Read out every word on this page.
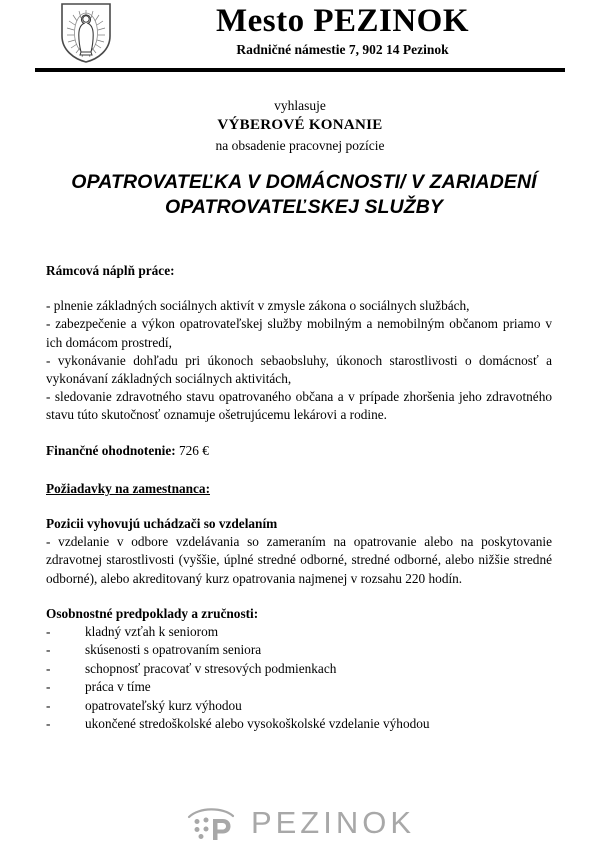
Mesto PEZINOK
Radničné námestie 7, 902 14 Pezinok
vyhlasuje
VÝBEROVÉ KONANIE
na obsadenie pracovnej pozície
OPATROVATEĽKA V DOMÁCNOSTI/ V ZARIADENÍ
OPATROVATEĽSKEJ SLUŽBY
Rámcová náplň práce:
- plnenie základných sociálnych aktivít v zmysle zákona o sociálnych službách,
- zabezpečenie a výkon opatrovateľskej služby mobilným a nemobilným občanom priamo v ich domácom prostredí,
- vykonávanie dohľadu pri úkonoch sebaobsluhy, úkonoch starostlivosti o domácnosť a vykonávaní základných sociálnych aktivitách,
- sledovanie zdravotného stavu opatrovaného občana a v prípade zhoršenia jeho zdravotného stavu túto skutočnosť oznamuje ošetrujúcemu lekárovi a rodine.
Finančné ohodnotenie: 726 €
Požiadavky na zamestnanca:
Pozicii vyhovujú uchádzači so vzdelaním
- vzdelanie v odbore vzdelávania so zameraním na opatrovanie alebo na poskytovanie zdravotnej starostlivosti (vyššie, úplné stredné odborné, stredné odborné, alebo nižšie stredné odborné), alebo akreditovaný kurz opatrovania najmenej v rozsahu 220 hodín.
Osobnostné predpoklady a zručnosti:
-	kladný vzťah k seniorom
-	skúsenosti s opatrovaním seniora
-	schopnosť pracovať v stresových podmienkach
-	práca v tíme
-	opatrovateľský kurz výhodou
-	ukončené stredoškolské alebo vysokoškolské vzdelanie výhodou
PEZINOK
